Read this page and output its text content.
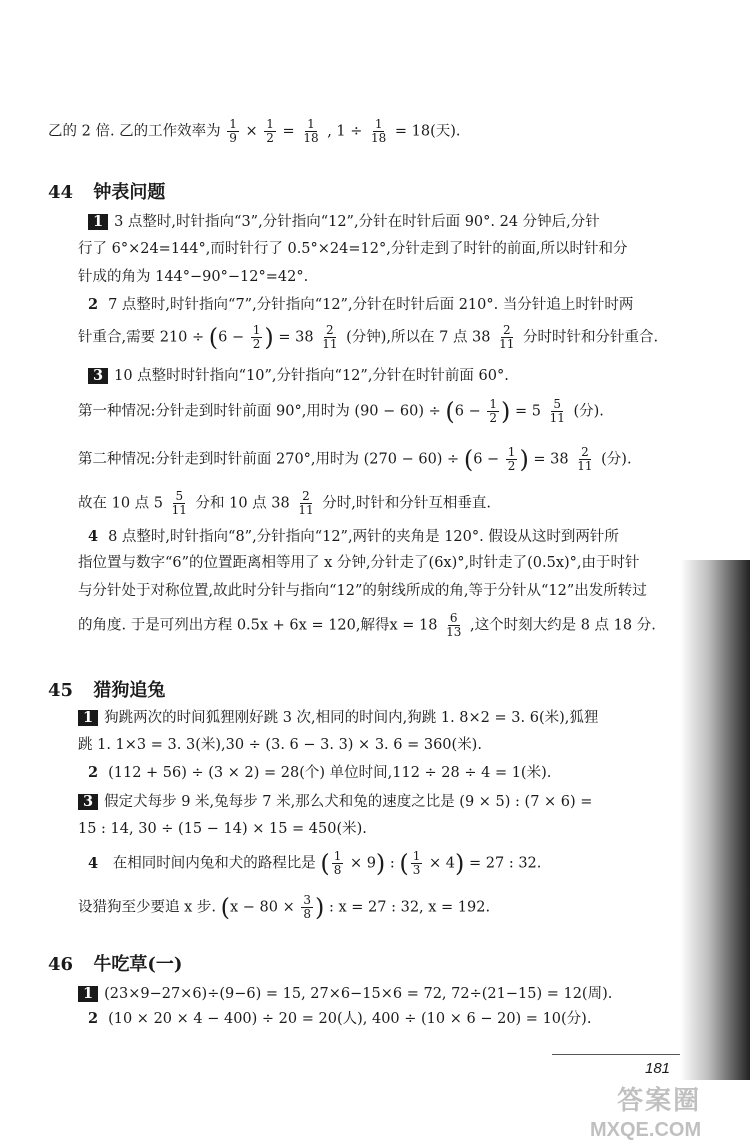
乙的 2 倍. 乙的工作效率为 $\frac{1}{9} \times \frac{1}{2} = \frac{1}{18}$ , $1 \div \frac{1}{18} = 18$(天).
44 钟表问题
1 3 点整时,时针指向“3”,分针指向“12”,分针在时针后面 90°. 24 分钟后,分针
行了 6°×24=144°,而时针行了 0.5°×24=12°,分针走到了时针的前面,所以时针和分
针成的角为 144°−90°−12°=42°.
2 7 点整时,时针指向“7”,分针指向“12”,分针在时针后面 210°. 当分针追上时针时两
针重合,需要 $210 \div (6 - \frac{1}{2}$ ) = $38 \frac{2}{11}$ (分钟),所以在 7 点 $38 \frac{2}{11}$ 分时时针和分针重合.
3 10 点整时时针指向“10”,分针指向“12”,分针在时针前面 60°.
第一种情况:分针走到时针前面 90°,用时为 $(90 - 60) \div (6 - \frac{1}{2}$ ) = $5 \frac{5}{11}$ (分).
第二种情况:分针走到时针前面 270°,用时为 $(270 - 60) \div (6 - \frac{1}{2}$ ) = $38 \frac{2}{11}$ (分).
故在 10 点 $5 \frac{5}{11}$ 分和 10 点 $38 \frac{2}{11}$ 分时,时针和分针互相垂直.
4 8 点整时,时针指向“8”,分针指向“12”,两针的夹角是 120°. 假设从这时到两针所
指位置与数字“6”的位置距离相等用了 x 分钟,分针走了(6x)°,时针走了(0.5x)°,由于时针
与分针处于对称位置,故此时分针与指向“12”的射线所成的角,等于分针从“12”出发所转过
的角度. 于是可列出方程 0.5x + 6x = 120,解得$x = 18 \frac{6}{13}$ ,这个时刻大约是 8 点 18 分.
45 猎狗追兔
1 狗跳两次的时间狐狸刚好跳 3 次,相同的时间内,狗跳 1. 8×2 = 3. 6(米),狐狸
跳 1. 1×3 = 3. 3(米),30 ÷ (3. 6 − 3. 3) × 3. 6 = 360(米).
2 (112 + 56) ÷ (3 × 2) = 28(个) 单位时间,112 ÷ 28 ÷ 4 = 1(米).
3 假定犬每步 9 米,兔每步 7 米,那么犬和兔的速度之比是 (9 × 5) : (7 × 6) =
15 : 14, 30 ÷ (15 − 14) × 15 = 450(米).
4 在相同时间内兔和犬的路程比是 ( $\frac{1}{8} \times 9$) : ( $\frac{1}{3} \times 4) = 27$ : 32.
设猎狗至少要追 x 步. ($x - 80 \times \frac{3}{8}$ ) : x = 27 : 32, x = 192.
46 牛吃草(一)
1 (23×9−27×6)÷(9−6) = 15, 27×6−15×6 = 72, 72÷(21−15) = 12(周).
2 (10 × 20 × 4 − 400) ÷ 20 = 20(人), 400 ÷ (10 × 6 − 20) = 10(分).
181
答案圈
MXQE.COM
